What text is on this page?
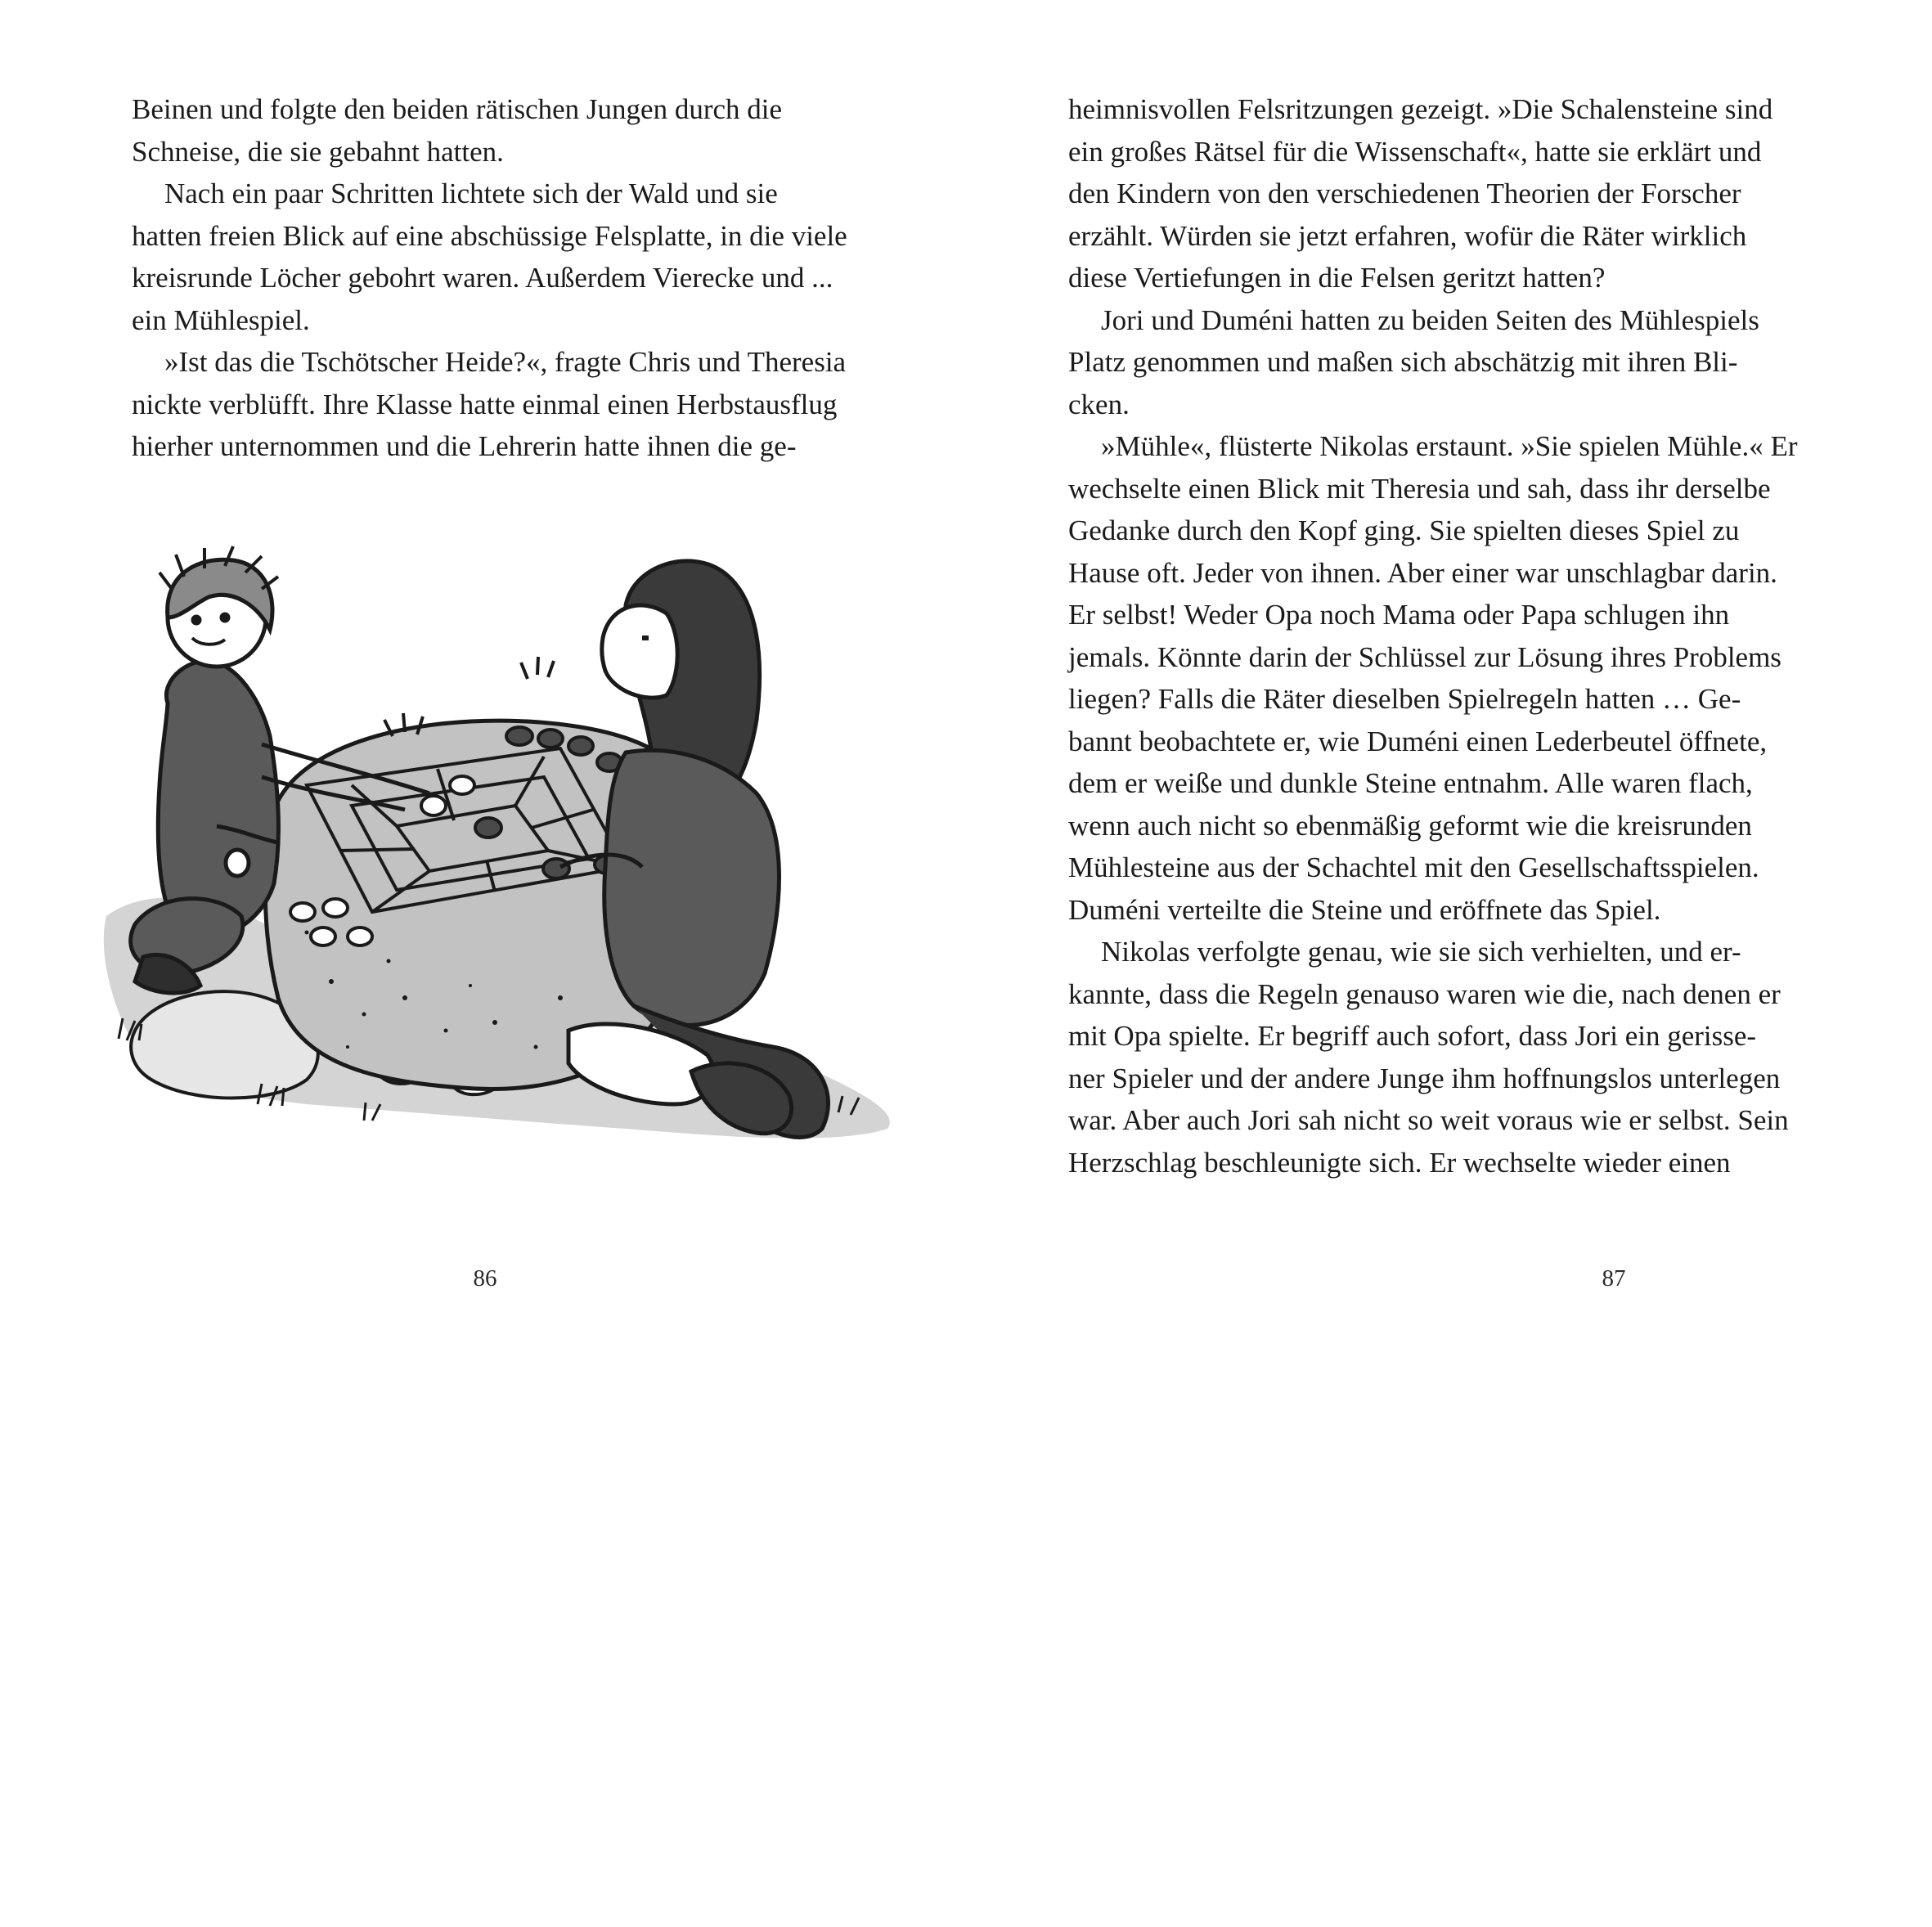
Beinen und folgte den beiden rätischen Jungen durch die
Schneise, die sie gebahnt hatten.
Nach ein paar Schritten lichtete sich der Wald und sie
hatten freien Blick auf eine abschüssige Felsplatte, in die viele
kreisrunde Löcher gebohrt waren. Außerdem Vierecke und ...
ein Mühlespiel.
»Ist das die Tschötscher Heide?«, fragte Chris und Theresia
nickte verblüfft. Ihre Klasse hatte einmal einen Herbstausflug
hierher unternommen und die Lehrerin hatte ihnen die ge-
86
heimnisvollen Felsritzungen gezeigt. »Die Schalensteine sind
ein großes Rätsel für die Wissenschaft«, hatte sie erklärt und
den Kindern von den verschiedenen Theorien der Forscher
erzählt. Würden sie jetzt erfahren, wofür die Räter wirklich
diese Vertiefungen in die Felsen geritzt hatten?
Jori und Duméni hatten zu beiden Seiten des Mühlespiels
Platz genommen und maßen sich abschätzig mit ihren Bli-
cken.
»Mühle«, flüsterte Nikolas erstaunt. »Sie spielen Mühle.« Er
wechselte einen Blick mit Theresia und sah, dass ihr derselbe
Gedanke durch den Kopf ging. Sie spielten dieses Spiel zu
Hause oft. Jeder von ihnen. Aber einer war unschlagbar darin.
Er selbst! Weder Opa noch Mama oder Papa schlugen ihn
jemals. Könnte darin der Schlüssel zur Lösung ihres Problems
liegen? Falls die Räter dieselben Spielregeln hatten … Ge-
bannt beobachtete er, wie Duméni einen Lederbeutel öffnete,
dem er weiße und dunkle Steine entnahm. Alle waren flach,
wenn auch nicht so ebenmäßig geformt wie die kreisrunden
Mühlesteine aus der Schachtel mit den Gesellschaftsspielen.
Duméni verteilte die Steine und eröffnete das Spiel.
Nikolas verfolgte genau, wie sie sich verhielten, und er-
kannte, dass die Regeln genauso waren wie die, nach denen er
mit Opa spielte. Er begriff auch sofort, dass Jori ein gerisse-
ner Spieler und der andere Junge ihm hoffnungslos unterlegen
war. Aber auch Jori sah nicht so weit voraus wie er selbst. Sein
Herzschlag beschleunigte sich. Er wechselte wieder einen
87
